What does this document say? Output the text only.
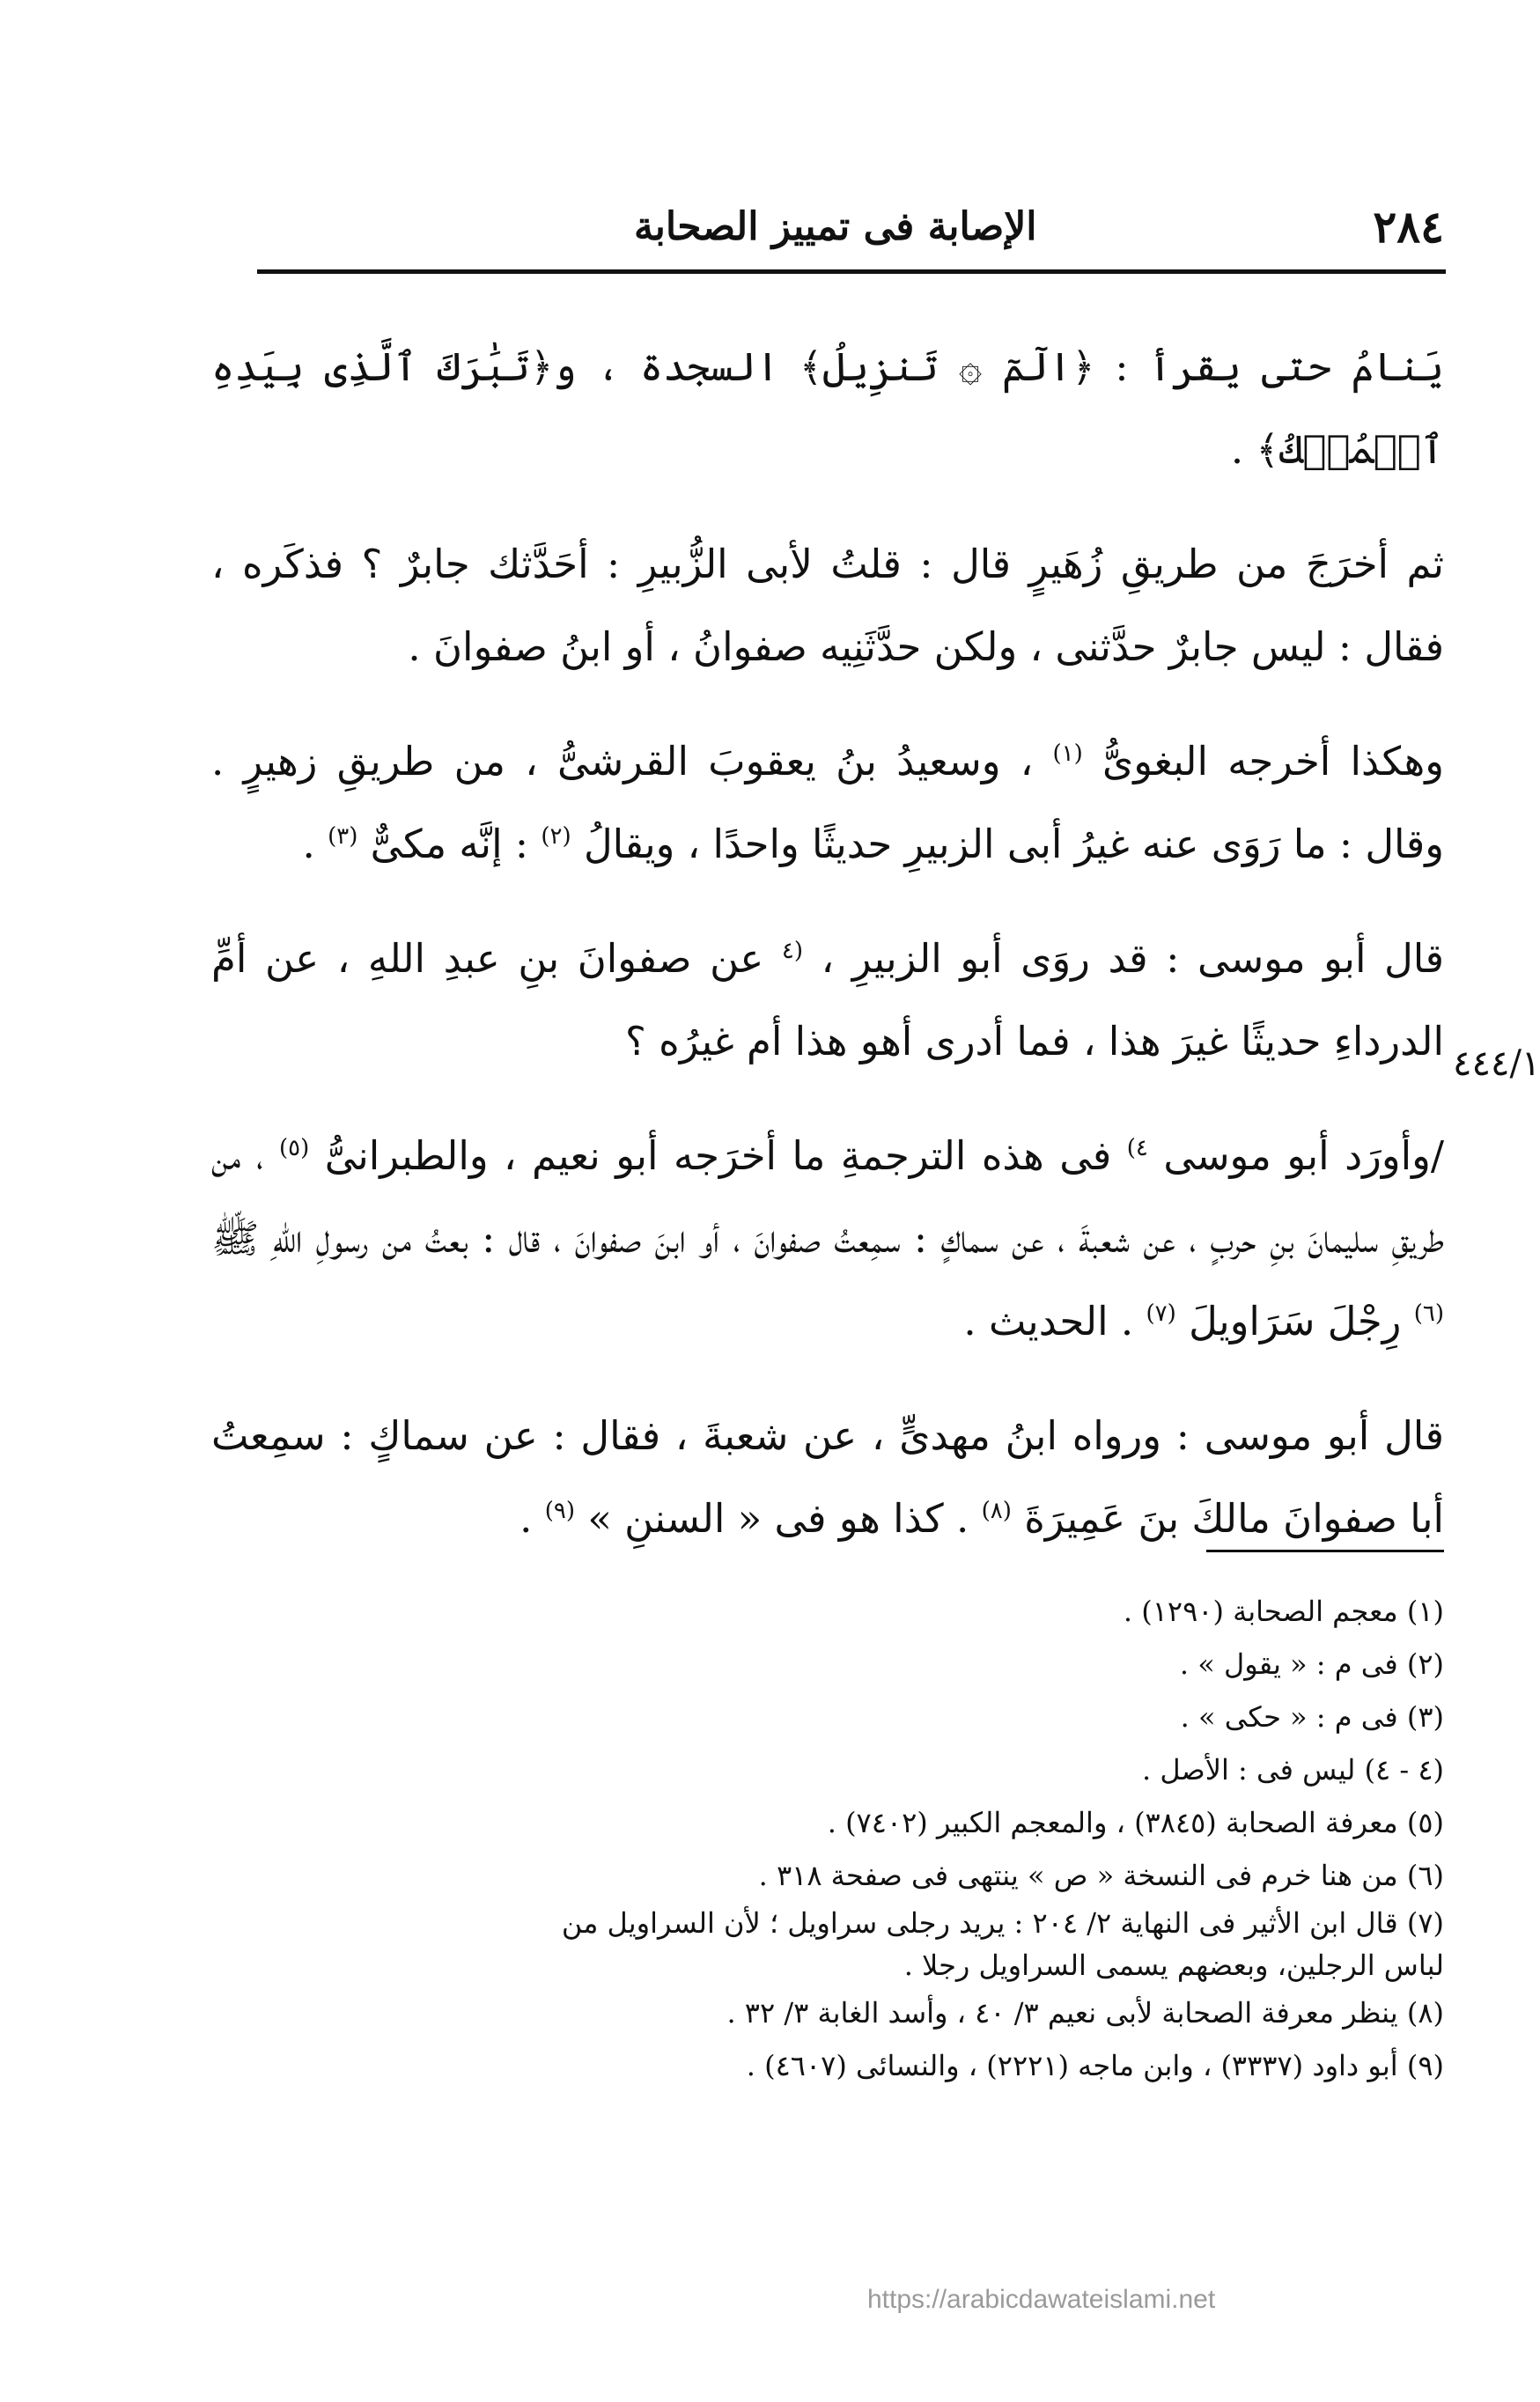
٢٨٤
الإصابة فى تمييز الصحابة
٤٤٤/١

يَنامُ حتى يقرأ : ﴿الٓمٓ ۞ تَنزِيلُ﴾ السجدة ، و﴿تَبَٰرَكَ ٱلَّذِى بِيَدِهِ ٱلۡمُلۡكُ﴾ .

ثم أخرَجَ من طريقِ زُهَيرٍ قال : قلتُ لأبى الزُّبيرِ : أحَدَّثك جابرٌ ؟ فذكَره ، فقال : ليس جابرٌ حدَّثنى ، ولكن حدَّثَنِيه صفوانُ ، أو ابنُ صفوانَ .

وهكذا أخرجه البغوىُّ $^{(١)}$ ، وسعيدُ بنُ يعقوبَ القرشىُّ ، من طريقِ زهيرٍ . وقال : ما رَوَى عنه غيرُ أبى الزبيرِ حديثًا واحدًا ، ويقالُ $^{(٢)}$ : إنَّه مكىٌّ $^{(٣)}$ .

قال أبو موسى : قد روَى أبو الزبيرِ ، $^{(٤}$ عن صفوانَ بنِ عبدِ اللهِ ، عن أمِّ الدرداءِ حديثًا غيرَ هذا ، فما أدرى أهو هذا أم غيرُه ؟

/وأورَد أبو موسى $^{٤)}$ فى هذه الترجمةِ ما أخرَجه أبو نعيم ، والطبرانىُّ $^{(٥)}$ ، من طريقِ سليمانَ بنِ حربٍ ، عن شعبةَ ، عن سماكٍ : سمِعتُ صفوانَ ، أو ابنَ صفوانَ ، قال : بعتُ من رسولِ اللهِ ﷺ $^{(٦)}$ رِجْلَ سَرَاويلَ $^{(٧)}$ . الحديث .

قال أبو موسى : ورواه ابنُ مهدىٍّ ، عن شعبةَ ، فقال : عن سماكٍ : سمِعتُ أبا صفوانَ مالكَ بنَ عَمِيرَةَ $^{(٨)}$ . كذا هو فى « السننِ » $^{(٩)}$ .

(١) معجم الصحابة (١٢٩٠) .

(٢) فى م : « يقول » .

(٣) فى م : « حكى » .

(٤ - ٤) ليس فى : الأصل .

(٥) معرفة الصحابة (٣٨٤٥) ، والمعجم الكبير (٧٤٠٢) .

(٦) من هنا خرم فى النسخة « ص » ينتهى فى صفحة ٣١٨ .

(٧) قال ابن الأثير فى النهاية ٢/ ٢٠٤ : يريد رجلى سراويل ؛ لأن السراويل من لباس الرجلين، وبعضهم يسمى السراويل رجلا .

(٨) ينظر معرفة الصحابة لأبى نعيم ٣/ ٤٠ ، وأسد الغابة ٣/ ٣٢ .

(٩) أبو داود (٣٣٣٧) ، وابن ماجه (٢٢٢١) ، والنسائى (٤٦٠٧) .

https://arabicdawateislami.net
